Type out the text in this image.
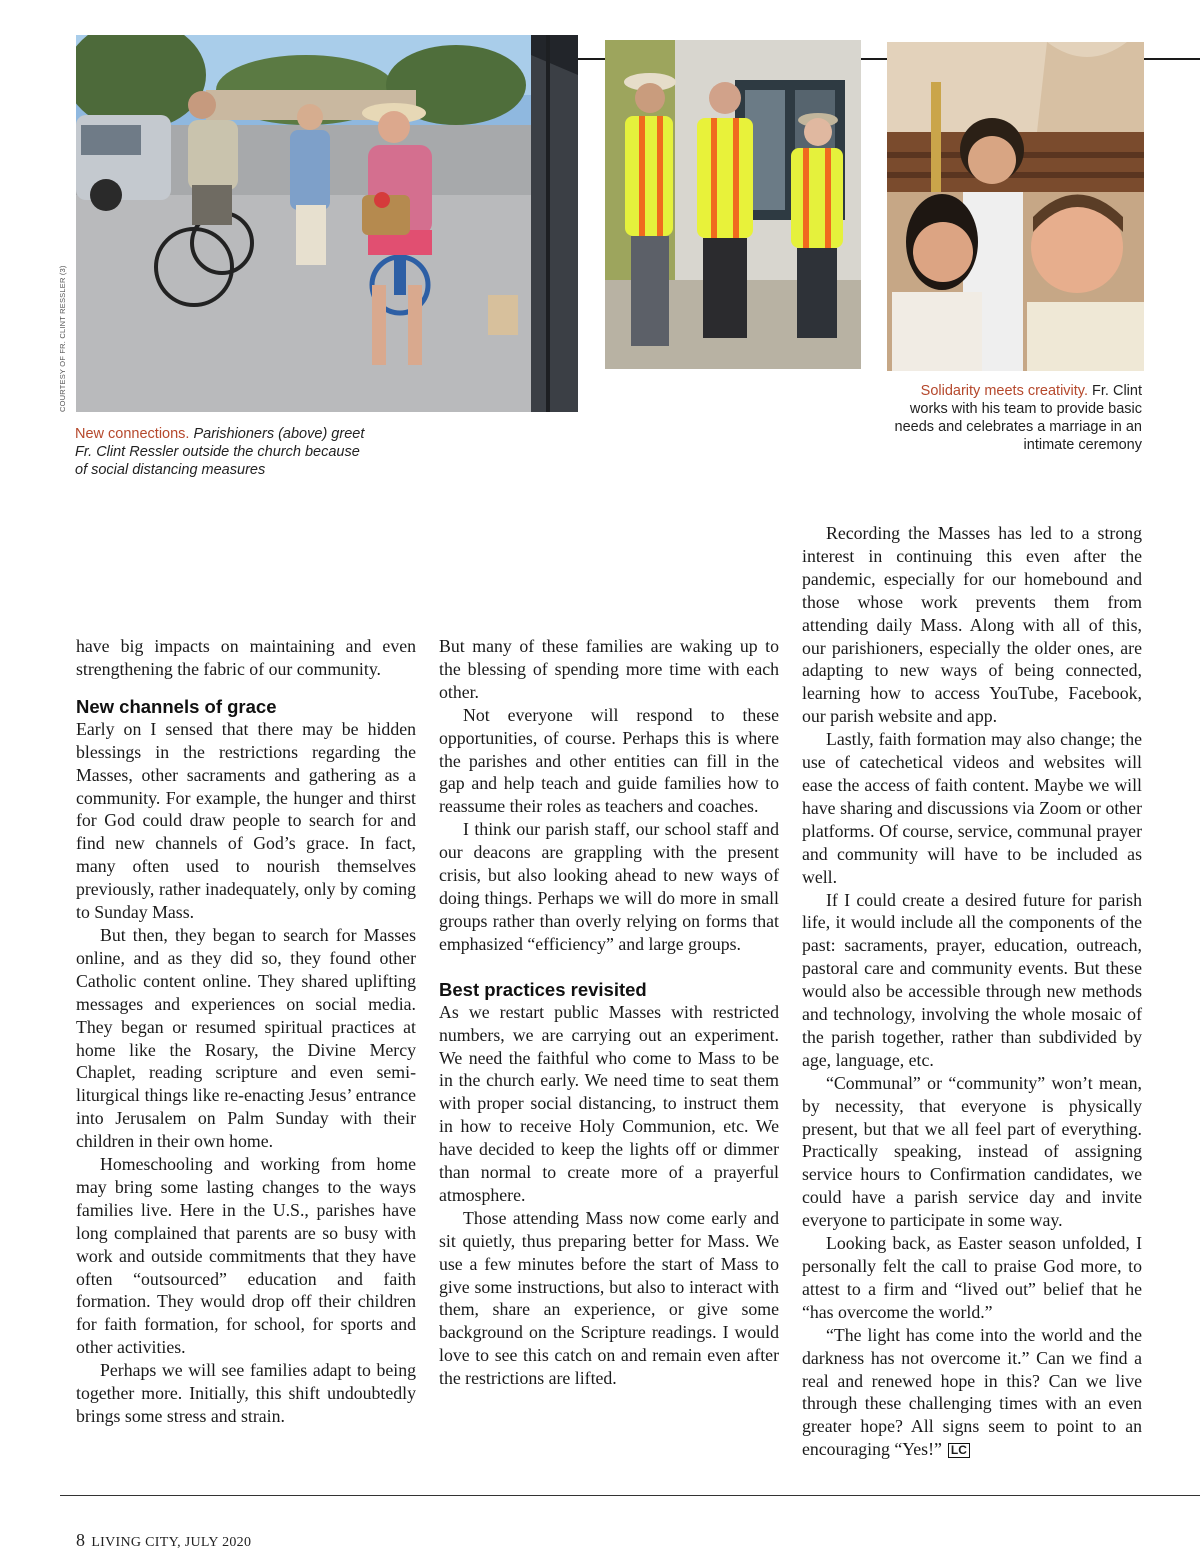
COURTESY OF FR. CLINT RESSLER (3)	Solidarity meets creativity. Fr. Clint works with his team to provide basic needs and celebrates a marriage in an intimate ceremony
New connections. Parishioners (above) greet Fr. Clint Ressler outside the church because of social distancing measures

have big impacts on maintaining and even strengthening the fabric of our community.

New channels of grace

Early on I sensed that there may be hidden blessings in the restrictions regarding the Masses, other sacraments and gathering as a community. For example, the hunger and thirst for God could draw people to search for and find new channels of God’s grace. In fact, many often used to nourish themselves previously, rather inadequately, only by coming to Sunday Mass.

But then, they began to search for Masses online, and as they did so, they found other Catholic content online. They shared uplifting messages and experiences on social media. They began or resumed spiritual practices at home like the Rosary, the Divine Mercy Chaplet, reading scripture and even semi-liturgical things like re-enacting Jesus’ entrance into Jerusalem on Palm Sunday with their children in their own home.

Homeschooling and working from home may bring some lasting changes to the ways families live. Here in the U.S., parishes have long complained that parents are so busy with work and outside commitments that they have often “outsourced” education and faith formation. They would drop off their children for faith formation, for school, for sports and other activities.

Perhaps we will see families adapt to being together more. Initially, this shift undoubtedly brings some stress and strain.

But many of these families are waking up to the blessing of spending more time with each other.

Not everyone will respond to these opportunities, of course. Perhaps this is where the parishes and other entities can fill in the gap and help teach and guide families how to reassume their roles as teachers and coaches.

I think our parish staff, our school staff and our deacons are grappling with the present crisis, but also looking ahead to new ways of doing things. Perhaps we will do more in small groups rather than overly relying on forms that emphasized “efficiency” and large groups.

Best practices revisited

As we restart public Masses with restricted numbers, we are carrying out an experiment. We need the faithful who come to Mass to be in the church early. We need time to seat them with proper social distancing, to instruct them in how to receive Holy Communion, etc. We have decided to keep the lights off or dimmer than normal to create more of a prayerful atmosphere.

Those attending Mass now come early and sit quietly, thus preparing better for Mass. We use a few minutes before the start of Mass to give some instructions, but also to interact with them, share an experience, or give some background on the Scripture readings. I would love to see this catch on and remain even after the restrictions are lifted.

Recording the Masses has led to a strong interest in continuing this even after the pandemic, especially for our homebound and those whose work prevents them from attending daily Mass. Along with all of this, our parishioners, especially the older ones, are adapting to new ways of being connected, learning how to access YouTube, Facebook, our parish website and app.

Lastly, faith formation may also change; the use of catechetical videos and websites will ease the access of faith content. Maybe we will have sharing and discussions via Zoom or other platforms. Of course, service, communal prayer and community will have to be included as well.

If I could create a desired future for parish life, it would include all the components of the past: sacraments, prayer, education, outreach, pastoral care and community events. But these would also be accessible through new methods and technology, involving the whole mosaic of the parish together, rather than subdivided by age, language, etc.

“Communal” or “community” won’t mean, by necessity, that everyone is physically present, but that we all feel part of everything. Practically speaking, instead of assigning service hours to Confirmation candidates, we could have a parish service day and invite everyone to participate in some way.

Looking back, as Easter season unfolded, I personally felt the call to praise God more, to attest to a firm and “lived out” belief that he “has overcome the world.”

“The light has come into the world and the darkness has not overcome it.” Can we find a real and renewed hope in this? Can we live through these challenging times with an even greater hope? All signs seem to point to an encouraging “Yes!” LC

8 LIVING CITY, JULY 2020
